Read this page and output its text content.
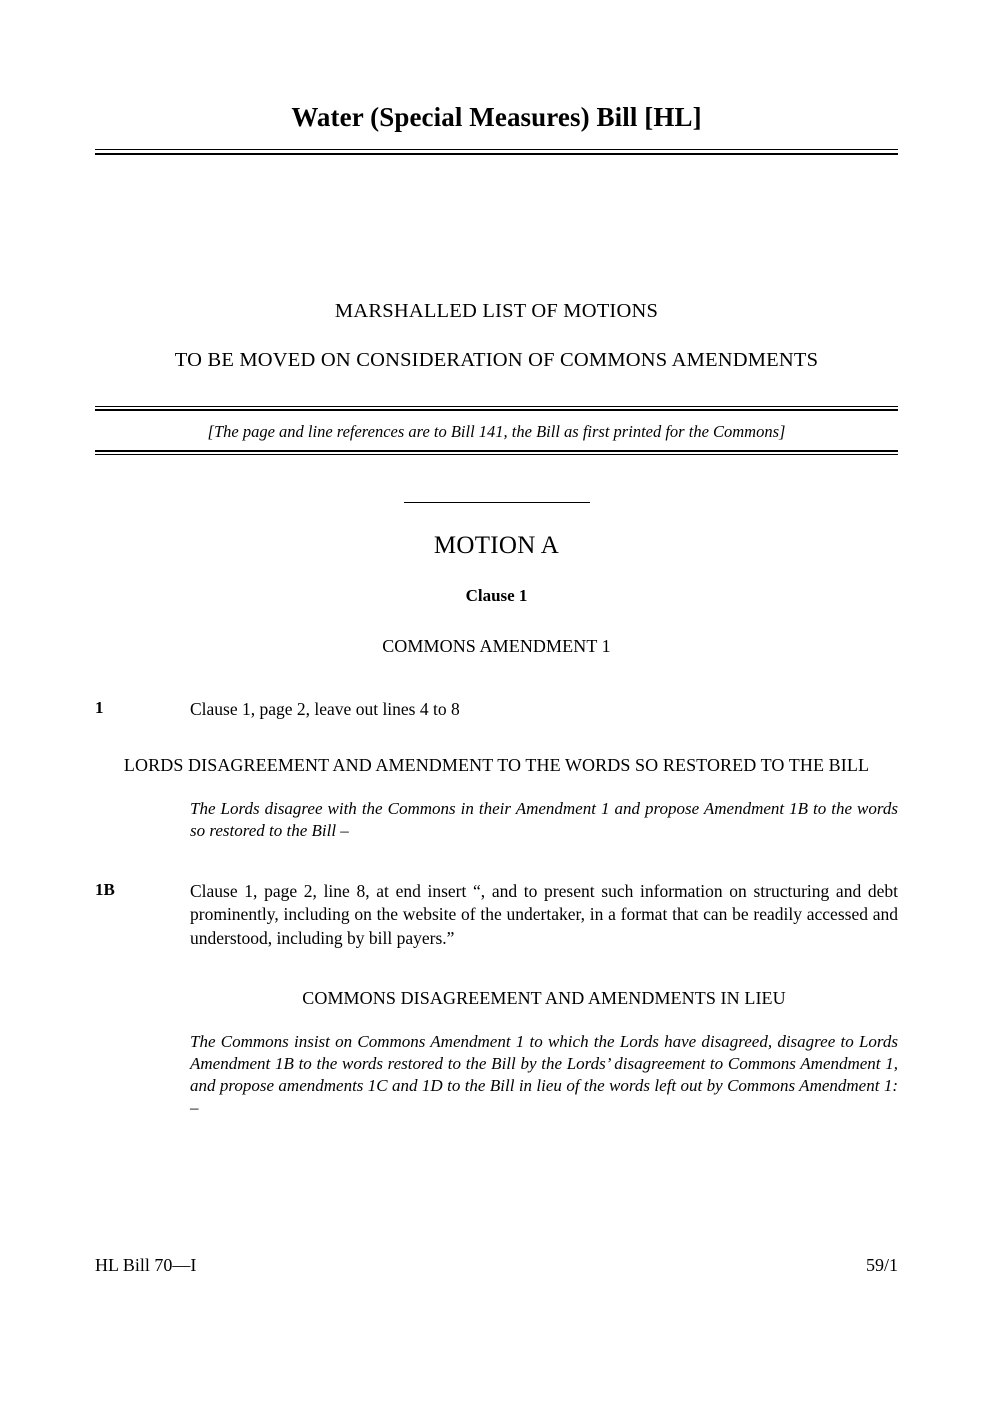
Water (Special Measures) Bill [HL]
MARSHALLED LIST OF MOTIONS
TO BE MOVED ON CONSIDERATION OF COMMONS AMENDMENTS
[The page and line references are to Bill 141, the Bill as first printed for the Commons]
MOTION A
Clause 1
COMMONS AMENDMENT 1
1	Clause 1, page 2, leave out lines 4 to 8
LORDS DISAGREEMENT AND AMENDMENT TO THE WORDS SO RESTORED TO THE BILL
The Lords disagree with the Commons in their Amendment 1 and propose Amendment 1B to the words so restored to the Bill –
1B	Clause 1, page 2, line 8, at end insert “, and to present such information on structuring and debt prominently, including on the website of the undertaker, in a format that can be readily accessed and understood, including by bill payers.”
COMMONS DISAGREEMENT AND AMENDMENTS IN LIEU
The Commons insist on Commons Amendment 1 to which the Lords have disagreed, disagree to Lords Amendment 1B to the words restored to the Bill by the Lords’ disagreement to Commons Amendment 1, and propose amendments 1C and 1D to the Bill in lieu of the words left out by Commons Amendment 1: –
HL Bill 70—I	59/1
